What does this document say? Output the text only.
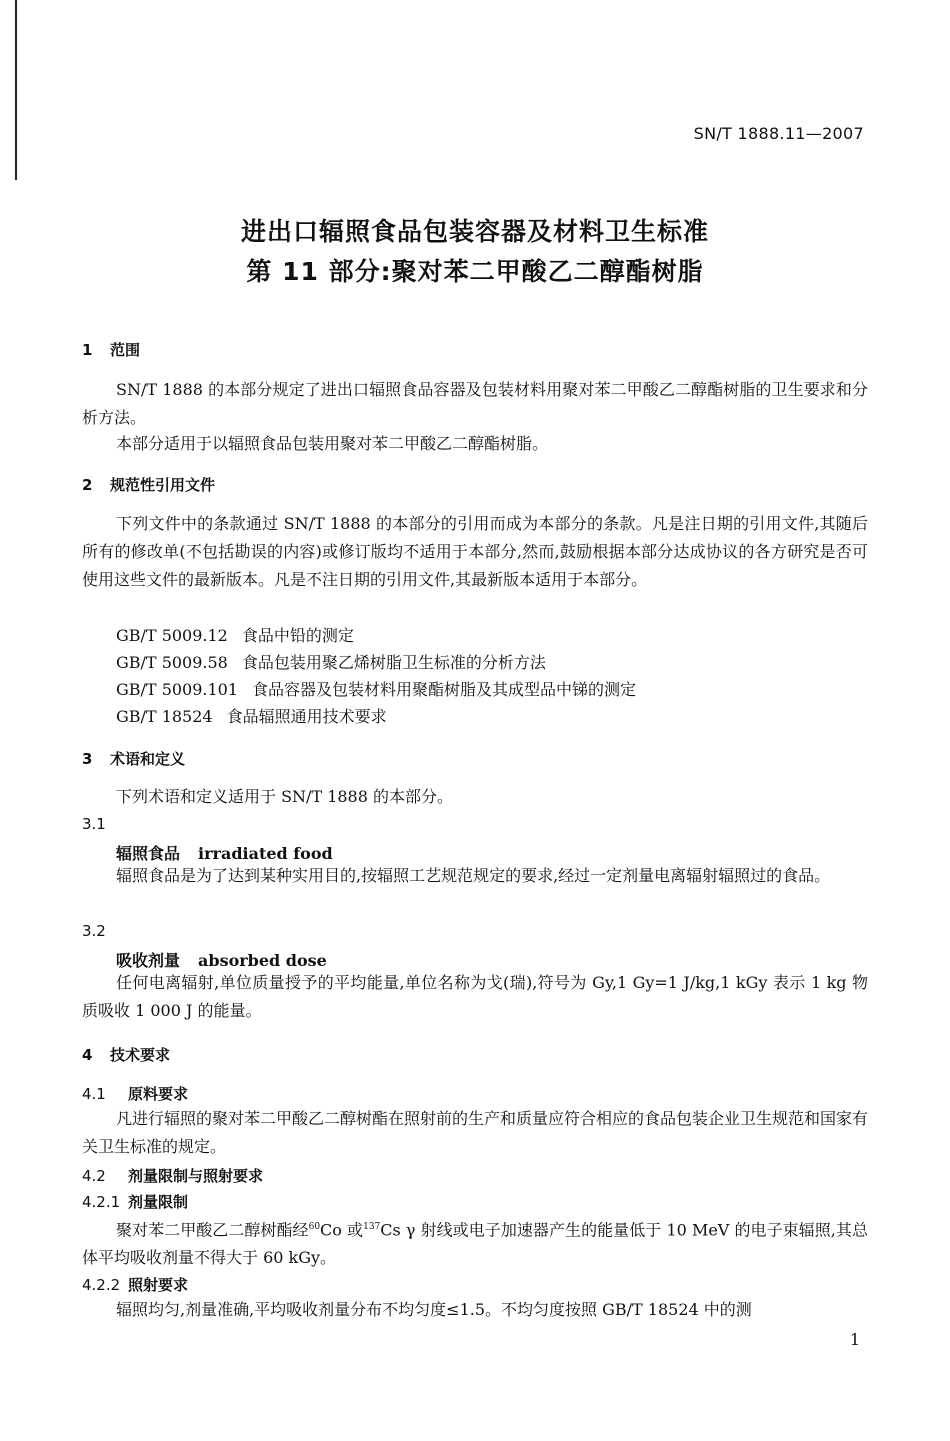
SN/T 1888.11—2007
进出口辐照食品包装容器及材料卫生标准
第 11 部分:聚对苯二甲酸乙二醇酯树脂
1 范围
SN/T 1888 的本部分规定了进出口辐照食品容器及包装材料用聚对苯二甲酸乙二醇酯树脂的卫生要求和分析方法。
本部分适用于以辐照食品包装用聚对苯二甲酸乙二醇酯树脂。
2 规范性引用文件
下列文件中的条款通过 SN/T 1888 的本部分的引用而成为本部分的条款。凡是注日期的引用文件,其随后所有的修改单(不包括勘误的内容)或修订版均不适用于本部分,然而,鼓励根据本部分达成协议的各方研究是否可使用这些文件的最新版本。凡是不注日期的引用文件,其最新版本适用于本部分。
GB/T 5009.12 食品中铅的测定
GB/T 5009.58 食品包装用聚乙烯树脂卫生标准的分析方法
GB/T 5009.101 食品容器及包装材料用聚酯树脂及其成型品中锑的测定
GB/T 18524 食品辐照通用技术要求
3 术语和定义
下列术语和定义适用于 SN/T 1888 的本部分。
3.1
辐照食品 irradiated food
辐照食品是为了达到某种实用目的,按辐照工艺规范规定的要求,经过一定剂量电离辐射辐照过的食品。
3.2
吸收剂量 absorbed dose
任何电离辐射,单位质量授予的平均能量,单位名称为戈(瑞),符号为 Gy,1 Gy=1 J/kg,1 kGy 表示 1 kg 物质吸收 1 000 J 的能量。
4 技术要求
4.1 原料要求
凡进行辐照的聚对苯二甲酸乙二醇树酯在照射前的生产和质量应符合相应的食品包装企业卫生规范和国家有关卫生标准的规定。
4.2 剂量限制与照射要求
4.2.1 剂量限制
聚对苯二甲酸乙二醇树酯经$^{60}$Co 或$^{137}$Cs γ 射线或电子加速器产生的能量低于 10 MeV 的电子束辐照,其总体平均吸收剂量不得大于 60 kGy。
4.2.2 照射要求
辐照均匀,剂量准确,平均吸收剂量分布不均匀度≤1.5。不均匀度按照 GB/T 18524 中的测
1
